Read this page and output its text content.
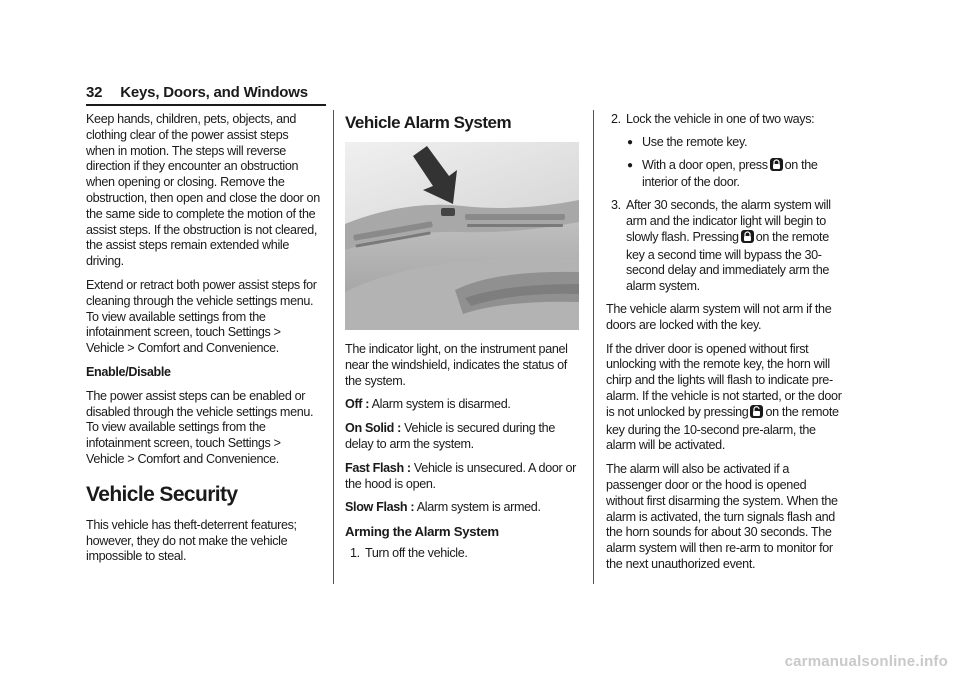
32 Keys, Doors, and Windows

Keep hands, children, pets, objects, and clothing clear of the power assist steps when in motion. The steps will reverse direction if they encounter an obstruction when opening or closing. Remove the obstruction, then open and close the door on the same side to complete the motion of the assist steps. If the obstruction is not cleared, the assist steps remain extended while driving.

Extend or retract both power assist steps for cleaning through the vehicle settings menu. To view available settings from the infotainment screen, touch Settings > Vehicle > Comfort and Convenience.

Enable/Disable

The power assist steps can be enabled or disabled through the vehicle settings menu. To view available settings from the infotainment screen, touch Settings > Vehicle > Comfort and Convenience.

Vehicle Security

This vehicle has theft-deterrent features; however, they do not make the vehicle impossible to steal.

Vehicle Alarm System

The indicator light, on the instrument panel near the windshield, indicates the status of the system.

Off : Alarm system is disarmed.

On Solid : Vehicle is secured during the delay to arm the system.

Fast Flash : Vehicle is unsecured. A door or the hood is open.

Slow Flash : Alarm system is armed.

Arming the Alarm System
1. Turn off the vehicle.
2. Lock the vehicle in one of two ways:
● Use the remote key.
● With a door open, press on the interior of the door.
3. After 30 seconds, the alarm system will arm and the indicator light will begin to slowly flash. Pressing on the remote key a second time will bypass the 30-second delay and immediately arm the alarm system.

The vehicle alarm system will not arm if the doors are locked with the key.

If the driver door is opened without first unlocking with the remote key, the horn will chirp and the lights will flash to indicate pre-alarm. If the vehicle is not started, or the door is not unlocked by pressing on the remote key during the 10-second pre-alarm, the alarm will be activated.

The alarm will also be activated if a passenger door or the hood is opened without first disarming the system. When the alarm is activated, the turn signals flash and the horn sounds for about 30 seconds. The alarm system will then re-arm to monitor for the next unauthorized event.

carmanualsonline.info
